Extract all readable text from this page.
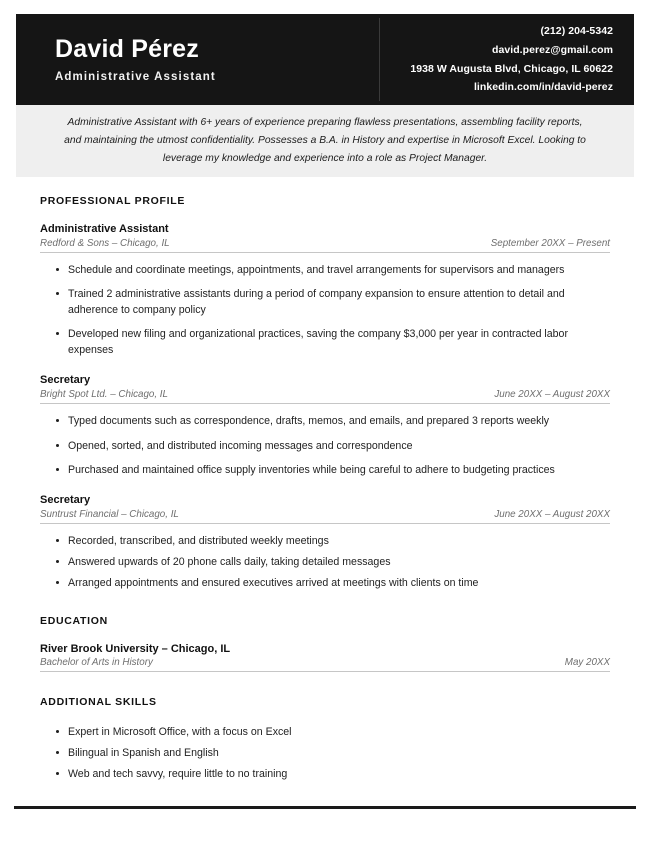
David Pérez
Administrative Assistant
(212) 204-5342
david.perez@gmail.com
1938 W Augusta Blvd, Chicago, IL 60622
linkedin.com/in/david-perez
Administrative Assistant with 6+ years of experience preparing flawless presentations, assembling facility reports, and maintaining the utmost confidentiality. Possesses a B.A. in History and expertise in Microsoft Excel. Looking to leverage my knowledge and experience into a role as Project Manager.
PROFESSIONAL PROFILE
Administrative Assistant
Redford & Sons – Chicago, IL	September 20XX – Present
Schedule and coordinate meetings, appointments, and travel arrangements for supervisors and managers
Trained 2 administrative assistants during a period of company expansion to ensure attention to detail and adherence to company policy
Developed new filing and organizational practices, saving the company $3,000 per year in contracted labor expenses
Secretary
Bright Spot Ltd. – Chicago, IL	June 20XX – August 20XX
Typed documents such as correspondence, drafts, memos, and emails, and prepared 3 reports weekly
Opened, sorted, and distributed incoming messages and correspondence
Purchased and maintained office supply inventories while being careful to adhere to budgeting practices
Secretary
Suntrust Financial – Chicago, IL	June 20XX – August 20XX
Recorded, transcribed, and distributed weekly meetings
Answered upwards of 20 phone calls daily, taking detailed messages
Arranged appointments and ensured executives arrived at meetings with clients on time
EDUCATION
River Brook University – Chicago, IL
Bachelor of Arts in History	May 20XX
ADDITIONAL SKILLS
Expert in Microsoft Office, with a focus on Excel
Bilingual in Spanish and English
Web and tech savvy, require little to no training
